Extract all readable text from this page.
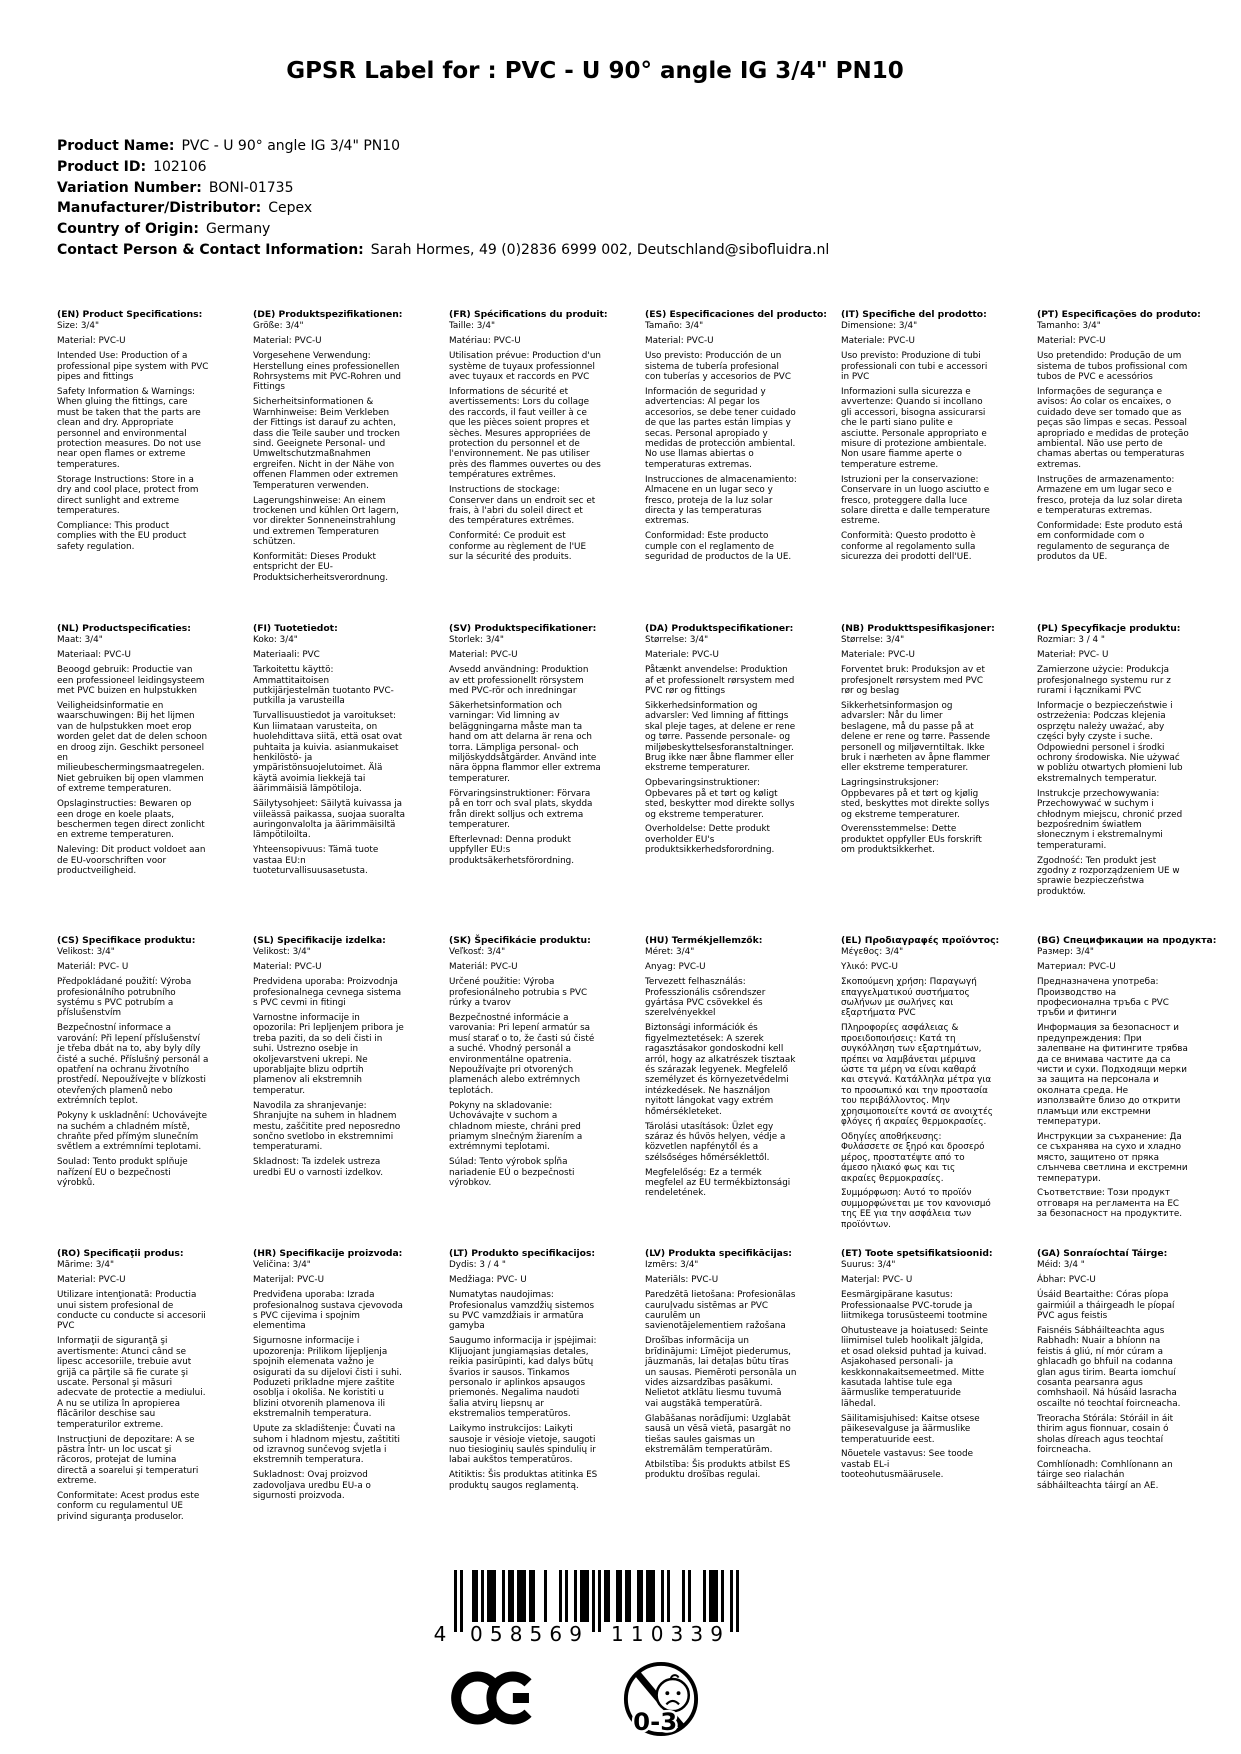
GPSR Label for : PVC - U 90° angle IG 3/4" PN10
Product Name: PVC - U 90° angle IG 3/4" PN10
Product ID: 102106
Variation Number: BONI-01735
Manufacturer/Distributor: Cepex
Country of Origin: Germany
Contact Person & Contact Information: Sarah Hormes, 49 (0)2836 6999 002, Deutschland@sibofluidra.nl
(EN) Product Specifications:

Size: 3/4"

Material: PVC-U

Intended Use: Production of a professional pipe system with PVC pipes and fittings

Safety Information & Warnings: When gluing the fittings, care must be taken that the parts are clean and dry. Appropriate personnel and environmental protection measures. Do not use near open flames or extreme temperatures.

Storage Instructions: Store in a dry and cool place, protect from direct sunlight and extreme temperatures.

Compliance: This product complies with the EU product safety regulation.

(DE) Produktspezifikationen:

Größe: 3/4"

Material: PVC-U

Vorgesehene Verwendung: Herstellung eines professionellen Rohrsystems mit PVC-Rohren und Fittings

Sicherheitsinformationen & Warnhinweise: Beim Verkleben der Fittings ist darauf zu achten, dass die Teile sauber und trocken sind. Geeignete Personal- und Umweltschutzmaßnahmen ergreifen. Nicht in der Nähe von offenen Flammen oder extremen Temperaturen verwenden.

Lagerungshinweise: An einem trockenen und kühlen Ort lagern, vor direkter Sonneneinstrahlung und extremen Temperaturen schützen.

Konformität: Dieses Produkt entspricht der EU-Produktsicherheitsverordnung.

(FR) Spécifications du produit:

Taille: 3/4"

Matériau: PVC-U

Utilisation prévue: Production d'un système de tuyaux professionnel avec tuyaux et raccords en PVC

Informations de sécurité et avertissements: Lors du collage des raccords, il faut veiller à ce que les pièces soient propres et sèches. Mesures appropriées de protection du personnel et de l'environnement. Ne pas utiliser près des flammes ouvertes ou des températures extrêmes.

Instructions de stockage: Conserver dans un endroit sec et frais, à l'abri du soleil direct et des températures extrêmes.

Conformité: Ce produit est conforme au règlement de l'UE sur la sécurité des produits.

(ES) Especificaciones del producto:

Tamaño: 3/4"

Material: PVC-U

Uso previsto: Producción de un sistema de tubería profesional con tuberías y accesorios de PVC

Información de seguridad y advertencias: Al pegar los accesorios, se debe tener cuidado de que las partes están limpias y secas. Personal apropiado y medidas de protección ambiental. No use llamas abiertas o temperaturas extremas.

Instrucciones de almacenamiento: Almacene en un lugar seco y fresco, proteja de la luz solar directa y las temperaturas extremas.

Conformidad: Este producto cumple con el reglamento de seguridad de productos de la UE.

(IT) Specifiche del prodotto:

Dimensione: 3/4"

Materiale: PVC-U

Uso previsto: Produzione di tubi professionali con tubi e accessori in PVC

Informazioni sulla sicurezza e avvertenze: Quando si incollano gli accessori, bisogna assicurarsi che le parti siano pulite e asciutte. Personale appropriato e misure di protezione ambientale. Non usare fiamme aperte o temperature estreme.

Istruzioni per la conservazione: Conservare in un luogo asciutto e fresco, proteggere dalla luce solare diretta e dalle temperature estreme.

Conformità: Questo prodotto è conforme al regolamento sulla sicurezza dei prodotti dell'UE.

(PT) Especificações do produto:

Tamanho: 3/4"

Material: PVC-U

Uso pretendido: Produção de um sistema de tubos profissional com tubos de PVC e acessórios

Informações de segurança e avisos: Ao colar os encaixes, o cuidado deve ser tomado que as peças são limpas e secas. Pessoal apropriado e medidas de proteção ambiental. Não use perto de chamas abertas ou temperaturas extremas.

Instruções de armazenamento: Armazene em um lugar seco e fresco, proteja da luz solar direta e temperaturas extremas.

Conformidade: Este produto está em conformidade com o regulamento de segurança de produtos da UE.

(NL) Productspecificaties:

Maat: 3/4"

Materiaal: PVC-U

Beoogd gebruik: Productie van een professioneel leidingsysteem met PVC buizen en hulpstukken

Veiligheidsinformatie en waarschuwingen: Bij het lijmen van de hulpstukken moet erop worden gelet dat de delen schoon en droog zijn. Geschikt personeel en milieubeschermingsmaatregelen. Niet gebruiken bij open vlammen of extreme temperaturen.

Opslaginstructies: Bewaren op een droge en koele plaats, beschermen tegen direct zonlicht en extreme temperaturen.

Naleving: Dit product voldoet aan de EU-voorschriften voor productveiligheid.

(FI) Tuotetiedot:

Koko: 3/4"

Materiaali: PVC

Tarkoitettu käyttö: Ammattitaitoisen putkijärjestelmän tuotanto PVC-putkilla ja varusteilla

Turvallisuustiedot ja varoitukset: Kun liimataan varusteita, on huolehdittava siitä, että osat ovat puhtaita ja kuivia. asianmukaiset henkilöstö- ja ympäristönsuojelutoimet. Älä käytä avoimia liekkejä tai äärimmäisiä lämpötiloja.

Säilytysohjeet: Säilytä kuivassa ja viileässä paikassa, suojaa suoralta auringonvalolta ja äärimmäisiltä lämpötiloilta.

Yhteensopivuus: Tämä tuote vastaa EU:n tuoteturvallisuusasetusta.

(SV) Produktspecifikationer:

Storlek: 3/4"

Material: PVC-U

Avsedd användning: Produktion av ett professionellt rörsystem med PVC-rör och inredningar

Säkerhetsinformation och varningar: Vid limning av beläggningarna måste man ta hand om att delarna är rena och torra. Lämpliga personal- och miljöskyddsåtgärder. Använd inte nära öppna flammor eller extrema temperaturer.

Förvaringsinstruktioner: Förvara på en torr och sval plats, skydda från direkt solljus och extrema temperaturer.

Efterlevnad: Denna produkt uppfyller EU:s produktsäkerhetsförordning.

(DA) Produktspecifikationer:

Størrelse: 3/4"

Materiale: PVC-U

Påtænkt anvendelse: Produktion af et professionelt rørsystem med PVC rør og fittings

Sikkerhedsinformation og advarsler: Ved limning af fittings skal pleje tages, at delene er rene og tørre. Passende personale- og miljøbeskyttelsesforanstaltninger. Brug ikke nær åbne flammer eller ekstreme temperaturer.

Opbevaringsinstruktioner: Opbevares på et tørt og køligt sted, beskytter mod direkte sollys og ekstreme temperaturer.

Overholdelse: Dette produkt overholder EU's produktsikkerhedsforordning.

(NB) Produkttspesifikasjoner:

Størrelse: 3/4"

Materiale: PVC-U

Forventet bruk: Produksjon av et profesjonelt rørsystem med PVC rør og beslag

Sikkerhetsinformasjon og advarsler: Når du limer beslagene, må du passe på at delene er rene og tørre. Passende personell og miljøverntiltak. Ikke bruk i nærheten av åpne flammer eller ekstreme temperaturer.

Lagringsinstruksjoner: Oppbevares på et tørt og kjølig sted, beskyttes mot direkte sollys og ekstreme temperaturer.

Overensstemmelse: Dette produktet oppfyller EUs forskrift om produktsikkerhet.

(PL) Specyfikacje produktu:

Rozmiar: 3 / 4 "

Materiał: PVC- U

Zamierzone użycie: Produkcja profesjonalnego systemu rur z rurami i łącznikami PVC

Informacje o bezpieczeństwie i ostrzeżenia: Podczas klejenia osprzętu należy uważać, aby części były czyste i suche. Odpowiedni personel i środki ochrony środowiska. Nie używać w pobliżu otwartych płomieni lub ekstremalnych temperatur.

Instrukcje przechowywania: Przechowywać w suchym i chłodnym miejscu, chronić przed bezpośrednim światłem słonecznym i ekstremalnymi temperaturami.

Zgodność: Ten produkt jest zgodny z rozporządzeniem UE w sprawie bezpieczeństwa produktów.

(CS) Specifikace produktu:

Velikost: 3/4"

Materiál: PVC- U

Předpokládané použití: Výroba profesionálního potrubního systému s PVC potrubím a příslušenstvím

Bezpečnostní informace a varování: Při lepení příslušenství je třeba dbát na to, aby byly díly čisté a suché. Příslušný personál a opatření na ochranu životního prostředí. Nepoužívejte v blízkosti otevřených plamenů nebo extrémních teplot.

Pokyny k uskladnění: Uchovávejte na suchém a chladném místě, chraňte před přímým slunečním světlem a extrémními teplotami.

Soulad: Tento produkt splňuje nařízení EU o bezpečnosti výrobků.

(SL) Specifikacije izdelka:

Velikost: 3/4"

Material: PVC-U

Predvidena uporaba: Proizvodnja profesionalnega cevnega sistema s PVC cevmi in fitingi

Varnostne informacije in opozorila: Pri lepljenjem pribora je treba paziti, da so deli čisti in suhi. Ustrezno osebje in okoljevarstveni ukrepi. Ne uporabljajte blizu odprtih plamenov ali ekstremnih temperatur.

Navodila za shranjevanje: Shranjujte na suhem in hladnem mestu, zaščitite pred neposredno sončno svetlobo in ekstremnimi temperaturami.

Skladnost: Ta izdelek ustreza uredbi EU o varnosti izdelkov.

(SK) Špecifikácie produktu:

Veľkosť: 3/4"

Materiál: PVC-U

Určené použitie: Výroba profesionálneho potrubia s PVC rúrky a tvarov

Bezpečnostné informácie a varovania: Pri lepení armatúr sa musí starať o to, že časti sú čisté a suché. Vhodný personál a environmentálne opatrenia. Nepoužívajte pri otvorených plamenách alebo extrémnych teplotách.

Pokyny na skladovanie: Uchovávajte v suchom a chladnom mieste, chráni pred priamym slnečným žiarením a extrémnymi teplotami.

Súlad: Tento výrobok spĺňa nariadenie EÚ o bezpečnosti výrobkov.

(HU) Termékjellemzők:

Méret: 3/4"

Anyag: PVC-U

Tervezett felhasználás: Professzionális csőrendszer gyártása PVC csövekkel és szerelvényekkel

Biztonsági információk és figyelmeztetések: A szerek ragasztásakor gondoskodni kell arról, hogy az alkatrészek tisztaak és szárazak legyenek. Megfelelő személyzet és környezetvédelmi intézkedések. Ne használjon nyitott lángokat vagy extrém hőmérsékleteket.

Tárolási utasítások: Üzlet egy száraz és hűvös helyen, védje a közvetlen napfénytől és a szélsőséges hőmérséklettől.

Megfelelőség: Ez a termék megfelel az EU termékbiztonsági rendeletének.

(EL) Προδιαγραφές προϊόντος:

Μέγεθος: 3/4"

Υλικό: PVC-U

Σκοπούμενη χρήση: Παραγωγή επαγγελματικού συστήματος σωλήνων με σωλήνες και εξαρτήματα PVC

Πληροφορίες ασφάλειας & προειδοποιήσεις: Κατά τη συγκόλληση των εξαρτημάτων, πρέπει να λαμβάνεται μέριμνα ώστε τα μέρη να είναι καθαρά και στεγνά. Κατάλληλα μέτρα για το προσωπικό και την προστασία του περιβάλλοντος. Μην χρησιμοποιείτε κοντά σε ανοιχτές φλόγες ή ακραίες θερμοκρασίες.

Οδηγίες αποθήκευσης: Φυλάσσετε σε ξηρό και δροσερό μέρος, προστατέψτε από το άμεσο ηλιακό φως και τις ακραίες θερμοκρασίες.

Συμμόρφωση: Αυτό το προϊόν συμμορφώνεται με τον κανονισμό της ΕΕ για την ασφάλεια των προϊόντων.

(BG) Спецификации на продукта:

Размер: 3/4"

Материал: PVC-U

Предназначена употреба: Производство на професионална тръба с PVC тръби и фитинги

Информация за безопасност и предупреждения: При залепване на фитингите трябва да се внимава частите да са чисти и сухи. Подходящи мерки за защита на персонала и околната среда. Не използвайте близо до открити пламъци или екстремни температури.

Инструкции за съхранение: Да се съхранява на сухо и хладно място, защитено от пряка слънчева светлина и екстремни температури.

Съответствие: Този продукт отговаря на регламента на ЕС за безопасност на продуктите.

(RO) Specificaţii produs:

Mărime: 3/4"

Material: PVC-U

Utilizare intenţionată: Productia unui sistem profesional de conducte cu conducte si accesorii PVC

Informaţii de siguranţă şi avertismente: Atunci când se lipesc accesoriile, trebuie avut grijă ca părţile să fie curate şi uscate. Personal şi măsuri adecvate de protectie a mediului. A nu se utiliza în apropierea flăcărilor deschise sau temperaturilor extreme.

Instrucţiuni de depozitare: A se păstra într- un loc uscat şi răcoros, protejat de lumina directă a soarelui şi temperaturi extreme.

Conformitate: Acest produs este conform cu regulamentul UE privind siguranţa produselor.

(HR) Specifikacije proizvoda:

Veličina: 3/4"

Materijal: PVC-U

Predviđena uporaba: Izrada profesionalnog sustava cjevovoda s PVC cijevima i spojnim elementima

Sigurnosne informacije i upozorenja: Prilikom lijepljenja spojnih elemenata važno je osigurati da su dijelovi čisti i suhi. Poduzeti prikladne mjere zaštite osoblja i okoliša. Ne koristiti u blizini otvorenih plamenova ili ekstremalnih temperatura.

Upute za skladištenje: Čuvati na suhom i hladnom mjestu, zaštititi od izravnog sunčevog svjetla i ekstremnih temperatura.

Sukladnost: Ovaj proizvod zadovoljava uredbu EU-a o sigurnosti proizvoda.

(LT) Produkto specifikacijos:

Dydis: 3 / 4 "

Medžiaga: PVC- U

Numatytas naudojimas: Profesionalus vamzdžių sistemos su PVC vamzdžiais ir armatūra gamyba

Saugumo informacija ir įspėjimai: Klijuojant jungiamąsias detales, reikia pasirūpinti, kad dalys būtų švarios ir sausos. Tinkamos personalo ir aplinkos apsaugos priemonės. Negalima naudoti šalia atvirų liepsnų ar ekstremalios temperatūros.

Laikymo instrukcijos: Laikyti sausoje ir vėsioje vietoje, saugoti nuo tiesioginių saulės spindulių ir labai aukštos temperatūros.

Atitiktis: Šis produktas atitinka ES produktų saugos reglamentą.

(LV) Produkta specifikācijas:

Izmērs: 3/4"

Materiāls: PVC-U

Paredzētā lietošana: Profesionālas cauruļvadu sistēmas ar PVC caurulēm un savienotājelementiem ražošana

Drošības informācija un brīdinājumi: Līmējot piederumus, jāuzmanās, lai detaļas būtu tīras un sausas. Piemēroti personāla un vides aizsardzības pasākumi. Nelietot atklātu liesmu tuvumā vai augstākā temperatūrā.

Glabāšanas norādījumi: Uzglabāt sausā un vēsā vietā, pasargāt no tiešas saules gaismas un ekstremālām temperatūrām.

Atbilstība: Šis produkts atbilst ES produktu drošības regulai.

(ET) Toote spetsifikatsioonid:

Suurus: 3/4"

Materjal: PVC- U

Eesmärgipärane kasutus: Professionaalse PVC-torude ja liitmikega torusüsteemi tootmine

Ohutusteave ja hoiatused: Seinte liimimisel tuleb hoolikalt jälgida, et osad oleksid puhtad ja kuivad. Asjakohased personali- ja keskkonnakaitsemeetmed. Mitte kasutada lahtise tule ega äärmuslike temperatuuride lähedal.

Säilitamisjuhised: Kaitse otsese päikesevalguse ja äärmuslike temperatuuride eest.

Nõuetele vastavus: See toode vastab EL-i tooteohutusmäärusele.

(GA) Sonraíochtaí Táirge:

Méid: 3/4 "

Ábhar: PVC-U

Úsáid Beartaithe: Córas píopa gairmiúil a tháirgeadh le píopaí PVC agus feistis

Faisnéis Sábháilteachta agus Rabhadh: Nuair a bhíonn na feistis á gliú, ní mór cúram a ghlacadh go bhfuil na codanna glan agus tirim. Bearta iomchuí cosanta pearsanra agus comhshaoil. Ná húsáid lasracha oscailte nó teochtaí foircneacha.

Treoracha Stórála: Stóráil in áit thirim agus fionnuar, cosain ó sholas díreach agus teochtaí foircneacha.

Comhlíonadh: Comhlíonann an táirge seo rialachán sábháilteachta táirgí an AE.

4 058569 110339
0-3
